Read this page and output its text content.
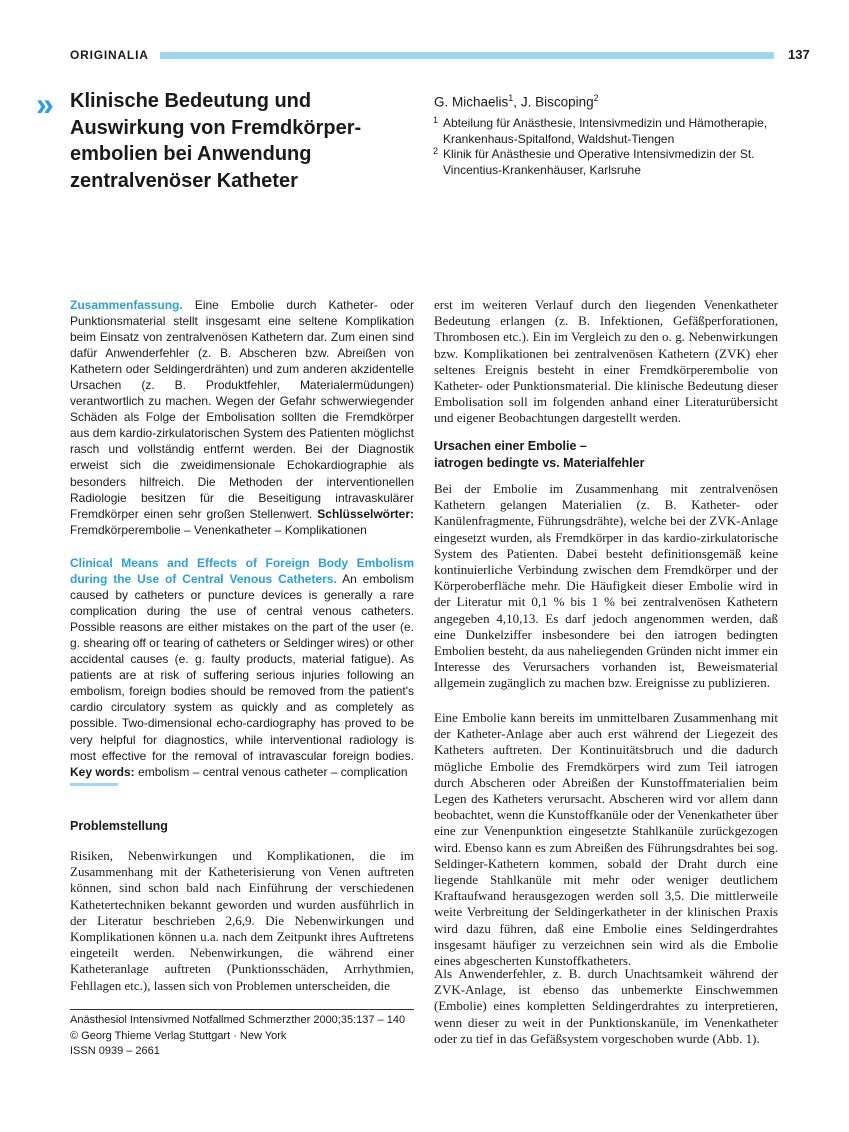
ORIGINALIA	137
» Klinische Bedeutung und Auswirkung von Fremdkörperembolien bei Anwendung zentralvenöser Katheter
G. Michaelis$^1$, J. Biscoping$^2$
1 Abteilung für Anästhesie, Intensivmedizin und Hämotherapie, Krankenhaus-Spitalfond, Waldshut-Tiengen
2 Klinik für Anästhesie und Operative Intensivmedizin der St. Vincentius-Krankenhäuser, Karlsruhe
Zusammenfassung. Eine Embolie durch Katheter- oder Punktionsmaterial stellt insgesamt eine seltene Komplikation beim Einsatz von zentralvenösen Kathetern dar. Zum einen sind dafür Anwenderfehler (z. B. Abscheren bzw. Abreißen von Kathetern oder Seldingerdrähten) und zum anderen akzidentelle Ursachen (z. B. Produktfehler, Materialermüdungen) verantwortlich zu machen. Wegen der Gefahr schwerwiegender Schäden als Folge der Embolisation sollten die Fremdkörper aus dem kardio-zirkulatorischen System des Patienten möglichst rasch und vollständig entfernt werden. Bei der Diagnostik erweist sich die zweidimensionale Echokardiographie als besonders hilfreich. Die Methoden der interventionellen Radiologie besitzen für die Beseitigung intravaskulärer Fremdkörper einen sehr großen Stellenwert. Schlüsselwörter: Fremdkörperembolie – Venenkatheter – Komplikationen
Clinical Means and Effects of Foreign Body Embolism during the Use of Central Venous Catheters. An embolism caused by catheters or puncture devices is generally a rare complication during the use of central venous catheters. Possible reasons are either mistakes on the part of the user (e. g. shearing off or tearing of catheters or Seldinger wires) or other accidental causes (e. g. faulty products, material fatigue). As patients are at risk of suffering serious injuries following an embolism, foreign bodies should be removed from the patient's cardio circulatory system as quickly and as completely as possible. Two-dimensional echo-cardiography has proved to be very helpful for diagnostics, while interventional radiology is most effective for the removal of intravascular foreign bodies. Key words: embolism – central venous catheter – complication
Problemstellung
Risiken, Nebenwirkungen und Komplikationen, die im Zusammenhang mit der Katheterisierung von Venen auftreten können, sind schon bald nach Einführung der verschiedenen Kathetertechniken bekannt geworden und wurden ausführlich in der Literatur beschrieben 2,6,9. Die Nebenwirkungen und Komplikationen können u.a. nach dem Zeitpunkt ihres Auftretens eingeteilt werden. Nebenwirkungen, die während einer Katheteranlage auftreten (Punktionsschäden, Arrhythmien, Fehllagen etc.), lassen sich von Problemen unterscheiden, die
erst im weiteren Verlauf durch den liegenden Venenkatheter Bedeutung erlangen (z. B. Infektionen, Gefäßperforationen, Thrombosen etc.). Ein im Vergleich zu den o. g. Nebenwirkungen bzw. Komplikationen bei zentralvenösen Kathetern (ZVK) eher seltenes Ereignis besteht in einer Fremdkörperembolie von Katheter- oder Punktionsmaterial. Die klinische Bedeutung dieser Embolisation soll im folgenden anhand einer Literaturübersicht und eigener Beobachtungen dargestellt werden.
Ursachen einer Embolie –
iatrogen bedingte vs. Materialfehler
Bei der Embolie im Zusammenhang mit zentralvenösen Kathetern gelangen Materialien (z. B. Katheter- oder Kanülenfragmente, Führungsdrähte), welche bei der ZVK-Anlage eingesetzt wurden, als Fremdkörper in das kardio-zirkulatorische System des Patienten. Dabei besteht definitionsgemäß keine kontinuierliche Verbindung zwischen dem Fremdkörper und der Körperoberfläche mehr. Die Häufigkeit dieser Embolie wird in der Literatur mit 0,1 % bis 1 % bei zentralvenösen Kathetern angegeben 4,10,13. Es darf jedoch angenommen werden, daß eine Dunkelziffer insbesondere bei den iatrogen bedingten Embolien besteht, da aus naheliegenden Gründen nicht immer ein Interesse des Verursachers vorhanden ist, Beweismaterial allgemein zugänglich zu machen bzw. Ereignisse zu publizieren.
Eine Embolie kann bereits im unmittelbaren Zusammenhang mit der Katheter-Anlage aber auch erst während der Liegezeit des Katheters auftreten. Der Kontinuitätsbruch und die dadurch mögliche Embolie des Fremdkörpers wird zum Teil iatrogen durch Abscheren oder Abreißen der Kunstoffmaterialien beim Legen des Katheters verursacht. Abscheren wird vor allem dann beobachtet, wenn die Kunstoffkanüle oder der Venenkatheter über eine zur Venenpunktion eingesetzte Stahlkanüle zurückgezogen wird. Ebenso kann es zum Abreißen des Führungsdrahtes bei sog. Seldinger-Kathetern kommen, sobald der Draht durch eine liegende Stahlkanüle mit mehr oder weniger deutlichem Kraftaufwand herausgezogen werden soll 3,5. Die mittlerweile weite Verbreitung der Seldingerkatheter in der klinischen Praxis wird dazu führen, daß eine Embolie eines Seldingerdrahtes insgesamt häufiger zu verzeichnen sein wird als die Embolie eines abgescherten Kunstoffkatheters.
Als Anwenderfehler, z. B. durch Unachtsamkeit während der ZVK-Anlage, ist ebenso das unbemerkte Einschwemmen (Embolie) eines kompletten Seldingerdrahtes zu interpretieren, wenn dieser zu weit in der Punktionskanüle, im Venenkatheter oder zu tief in das Gefäßsystem vorgeschoben wurde (Abb. 1).
Anästhesiol Intensivmed Notfallmed Schmerzther 2000;35:137 – 140
© Georg Thieme Verlag Stuttgart · New York
ISSN 0939 – 2661
